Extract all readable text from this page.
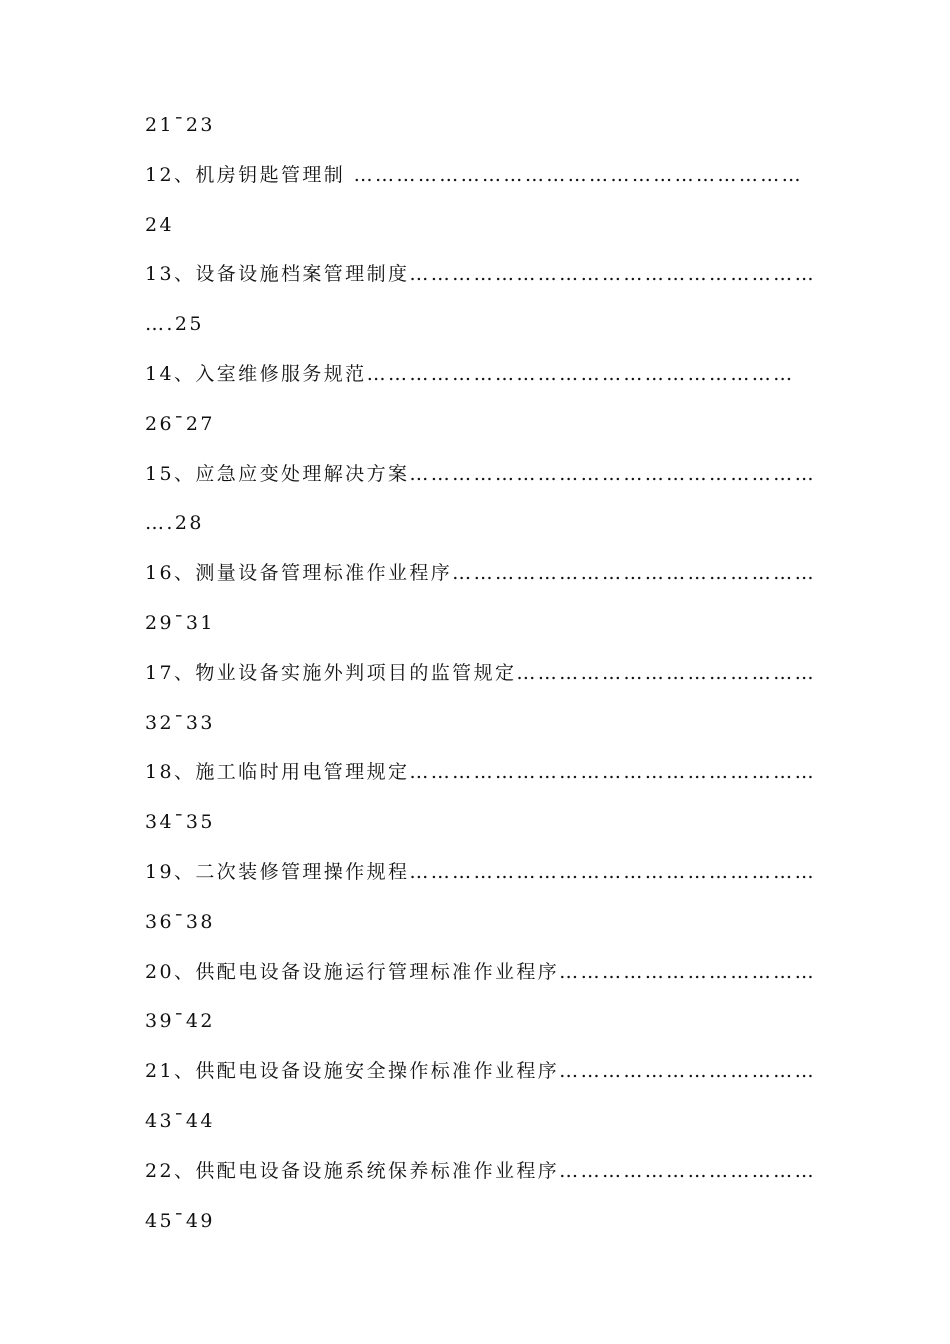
21¯23
12、机房钥匙管理制 ………………………………………………………
24
13、设备设施档案管理制度…………………………………………………
….25
14、入室维修服务规范……………………………………………………
26¯27
15、应急应变处理解决方案…………………………………………………
….28
16、测量设备管理标准作业程序……………………………………………
29¯31
17、物业设备实施外判项目的监管规定……………………………………
32¯33
18、施工临时用电管理规定…………………………………………………
34¯35
19、二次装修管理操作规程…………………………………………………
36¯38
20、供配电设备设施运行管理标准作业程序………………………………
39¯42
21、供配电设备设施安全操作标准作业程序………………………………
43¯44
22、供配电设备设施系统保养标准作业程序………………………………
45¯49
